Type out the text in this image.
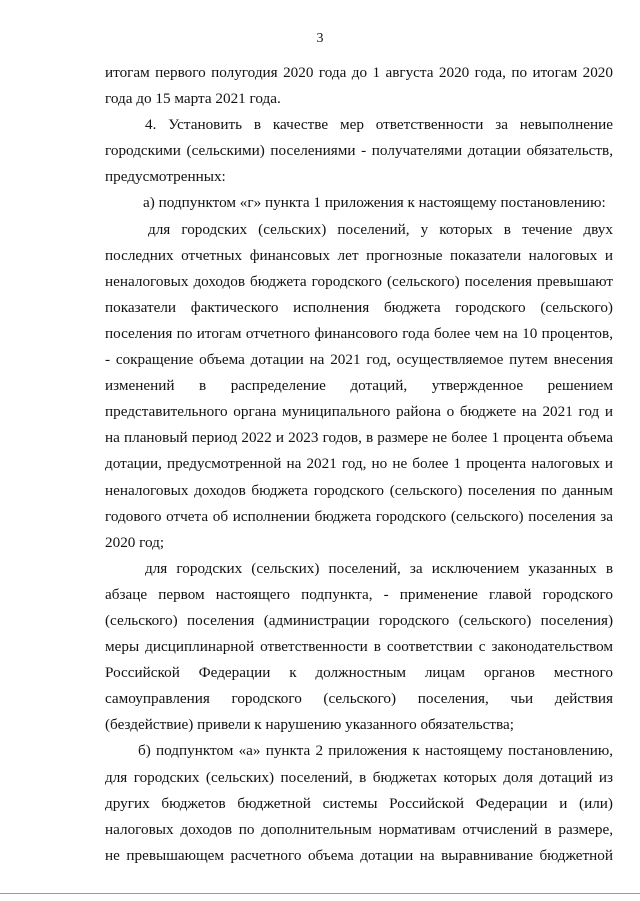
3
итогам первого полугодия 2020 года до 1 августа 2020 года, по итогам 2020
года до 15 марта 2021 года.
4. Установить в качестве мер ответственности за невыполнение
городскими (сельскими) поселениями - получателями дотации обязательств,
предусмотренных:
а) подпунктом «г» пункта 1 приложения к настоящему постановлению:
для городских (сельских) поселений, у которых в течение двух
последних отчетных финансовых лет прогнозные показатели налоговых и
неналоговых доходов бюджета городского (сельского) поселения превышают
показатели фактического исполнения бюджета городского (сельского)
поселения по итогам отчетного финансового года более чем на 10 процентов,
- сокращение объема дотации на 2021 год, осуществляемое путем внесения
изменений в распределение дотаций, утвержденное решением
представительного органа муниципального района о бюджете на 2021 год и
на плановый период 2022 и 2023 годов, в размере не более 1 процента объема
дотации, предусмотренной на 2021 год, но не более 1 процента налоговых и
неналоговых доходов бюджета городского (сельского) поселения по данным
годового отчета об исполнении бюджета городского (сельского) поселения за
2020 год;
для городских (сельских) поселений, за исключением указанных в
абзаце первом настоящего подпункта, - применение главой городского
(сельского) поселения (администрации городского (сельского) поселения)
меры дисциплинарной ответственности в соответствии с законодательством
Российской Федерации к должностным лицам органов местного
самоуправления городского (сельского) поселения, чьи действия
(бездействие) привели к нарушению указанного обязательства;
б) подпунктом «а» пункта 2 приложения к настоящему постановлению,
для городских (сельских) поселений, в бюджетах которых доля дотаций из
других бюджетов бюджетной системы Российской Федерации и (или)
налоговых доходов по дополнительным нормативам отчислений в размере,
не превышающем расчетного объема дотации на выравнивание бюджетной
